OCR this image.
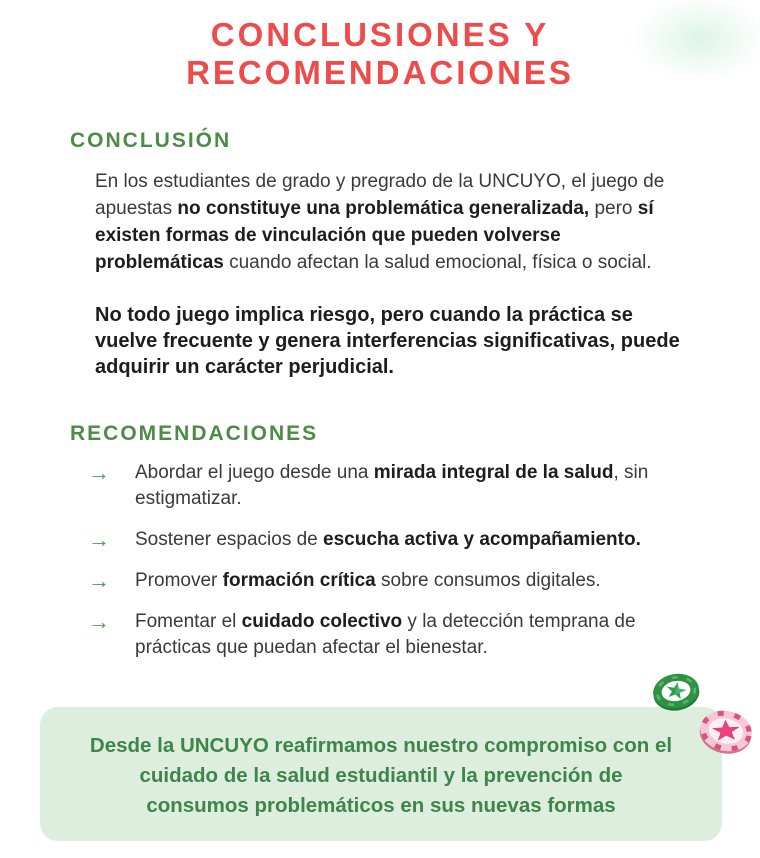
CONCLUSIONES Y
RECOMENDACIONES
CONCLUSIÓN

En los estudiantes de grado y pregrado de la UNCUYO, el juego de apuestas no constituye una problemática generalizada, pero sí existen formas de vinculación que pueden volverse problemáticas cuando afectan la salud emocional, física o social.

No todo juego implica riesgo, pero cuando la práctica se vuelve frecuente y genera interferencias significativas, puede adquirir un carácter perjudicial.

RECOMENDACIONES
→	Abordar el juego desde una mirada integral de la salud, sin estigmatizar.
→	Sostener espacios de escucha activa y acompañamiento.
→	Promover formación crítica sobre consumos digitales.
→	Fomentar el cuidado colectivo y la detección temprana de prácticas que puedan afectar el bienestar.

Desde la UNCUYO reafirmamos nuestro compromiso con el cuidado de la salud estudiantil y la prevención de consumos problemáticos en sus nuevas formas
